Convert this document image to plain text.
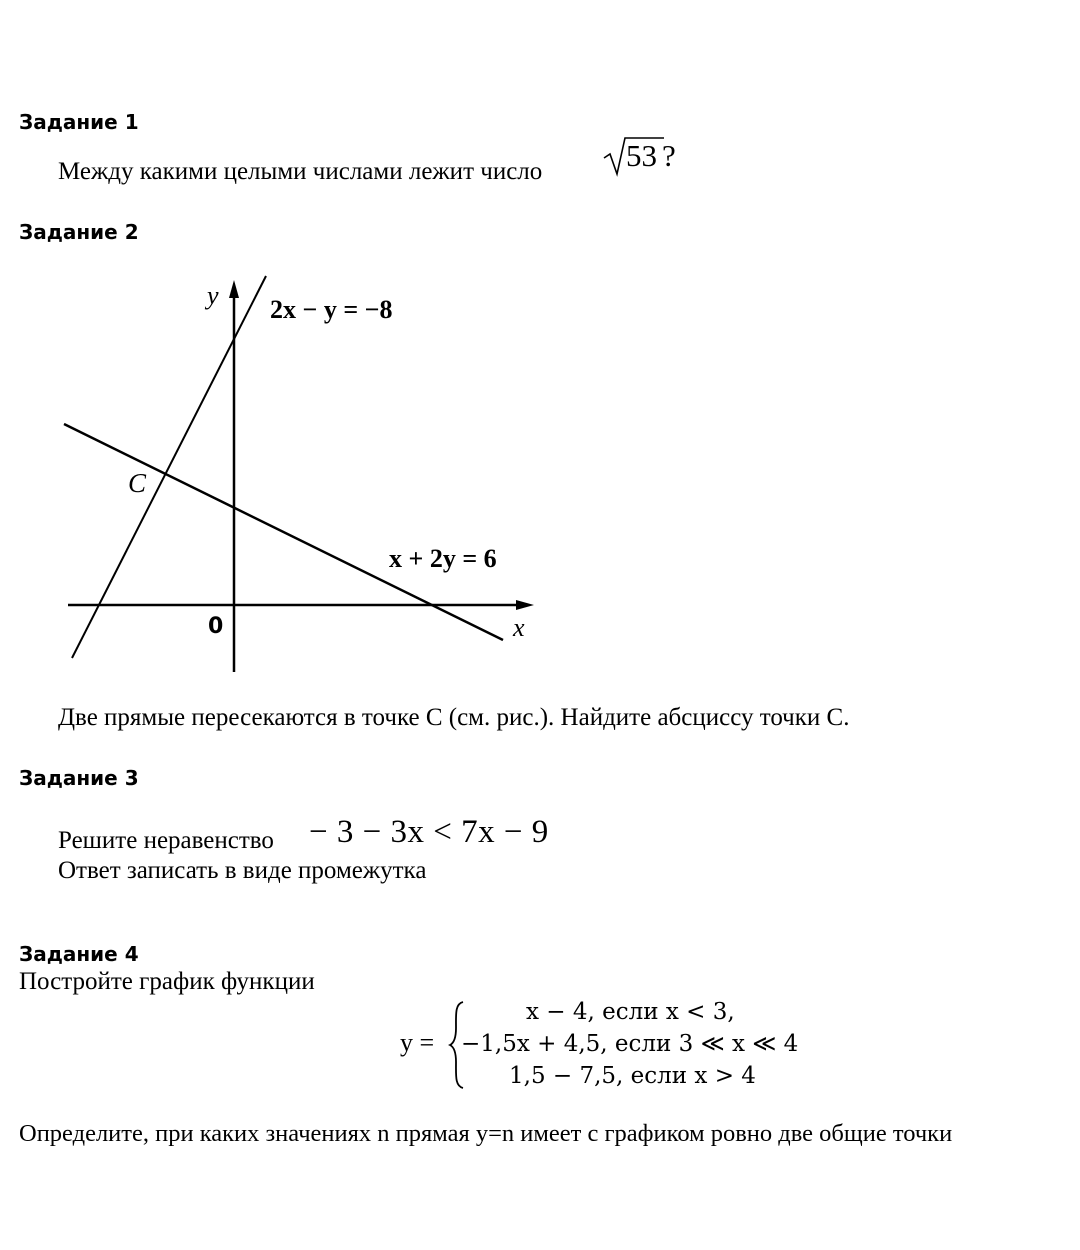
Задание 1
Между какими целыми числами лежит число	53 ?
Задание 2
y
x
0
C
2x − y = −8
x + 2y = 6
Две прямые пересекаются в точке C (см. рис.). Найдите абсциссу точки C.
Задание 3
Решите неравенство − 3 − 3x < 7x − 9
Ответ записать в виде промежутка
Задание 4
Постройте график функции
y =
x − 4, если x < 3,
−1,5x + 4,5, если 3 ≪ x ≪ 4
1,5 − 7,5, если x > 4
Определите, при каких значениях n прямая y=n имеет с графиком ровно две общие точки
